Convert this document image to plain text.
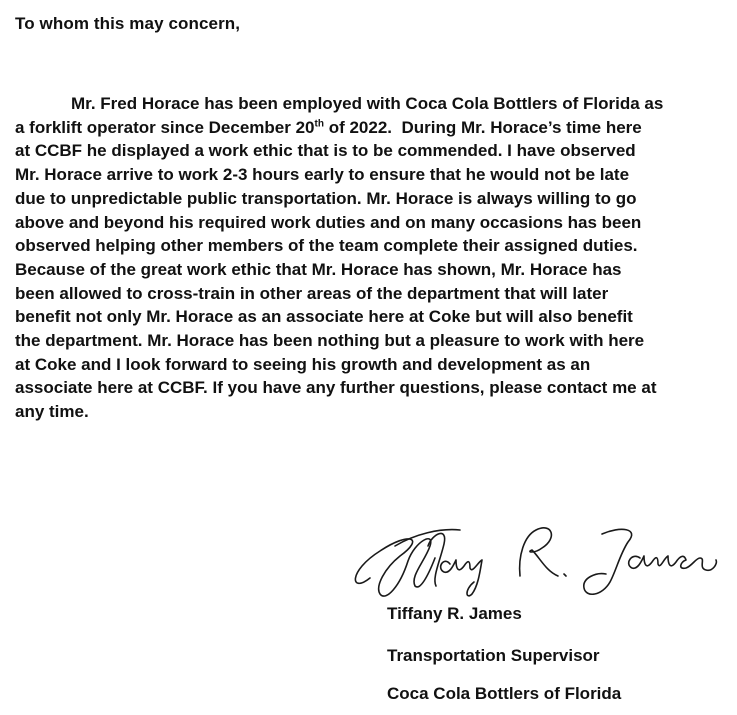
To whom this may concern,
Mr. Fred Horace has been employed with Coca Cola Bottlers of Florida as
a forklift operator since December 20th of 2022.  During Mr. Horace’s time here
at CCBF he displayed a work ethic that is to be commended. I have observed
Mr. Horace arrive to work 2-3 hours early to ensure that he would not be late
due to unpredictable public transportation. Mr. Horace is always willing to go
above and beyond his required work duties and on many occasions has been
observed helping other members of the team complete their assigned duties.
Because of the great work ethic that Mr. Horace has shown, Mr. Horace has
been allowed to cross-train in other areas of the department that will later
benefit not only Mr. Horace as an associate here at Coke but will also benefit
the department. Mr. Horace has been nothing but a pleasure to work with here
at Coke and I look forward to seeing his growth and development as an
associate here at CCBF. If you have any further questions, please contact me at
any time.
Tiffany R. James
Transportation Supervisor
Coca Cola Bottlers of Florida
